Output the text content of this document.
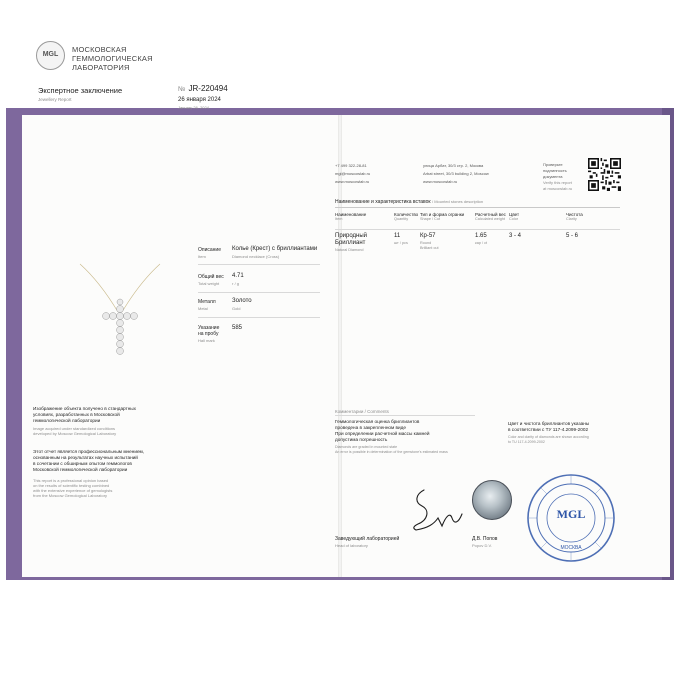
MGL
МОСКОВСКАЯ
ГЕММОЛОГИЧЕСКАЯ
ЛАБОРАТОРИЯ
Экспертное заключение
Jewellery Report
№ JR-220494
26 января 2024
January 26, 2024
Описание
Item
Колье (Крест) с бриллиантами
Diamond necklace (Cross)
Общий вес
Total weight
4.71
г / g
Металл
Metal
Золото
Gold
Указание
на пробу
Hall mark
585
Изображение объекта получено в стандартных
условиях, разработанных в Московской
геммологической лаборатории
Image acquired under standardized conditions
developed by Moscow Gemological Laboratory
Этот отчет является профессиональным мнением,
основанным на результатах научных испытаний
в сочетании с обширным опытом геммологов
Московской геммологической лаборатории
This report is a professional opinion based
on the results of scientific testing combined
with the extensive experience of gemologists
from the Moscow Gemological Laboratory
+7 499 322-28-81
mgl@moscowlab.ru
www.moscowlab.ru
улица Арбат, 30/3 стр. 2, Москва
Arbat street, 30/3 building 2, Moscow
www.moscowlab.ru
Проверьте
подлинность
документа
Verify this report
at moscowlab.ru
Наименование и характеристика вставок / Mounted stones description
Наименование
Item
Количество
Quantity
Тип и форма огранки
Shape / Cut
Расчетный вес
Calculated weight
Цвет
Color
Чистота
Clarity
Природный
Бриллиант
Natural Diamond
11
шт / pcs
Кр-57
Round
Brilliant cut
1.65
кар / ct
3 - 4	5 - 6
Комментарии / Comments
Геммологическая оценка бриллиантов
проведена в закрепленном виде
При определении расчетной массы камней
допустима погрешность
Diamonds are graded in mounted state
An error is possible in determination of the gemstone's estimated mass
Цвет и чистота бриллиантов указаны
в соответствии с ТУ 117-4.2099-2002
Color and clarity of diamonds are shown according
to TU 117-4.2099-2002
Заведующий лабораторией
Head of laboratory
Д.В. Попов
Popov D.V.
MGL
МОСКВА
